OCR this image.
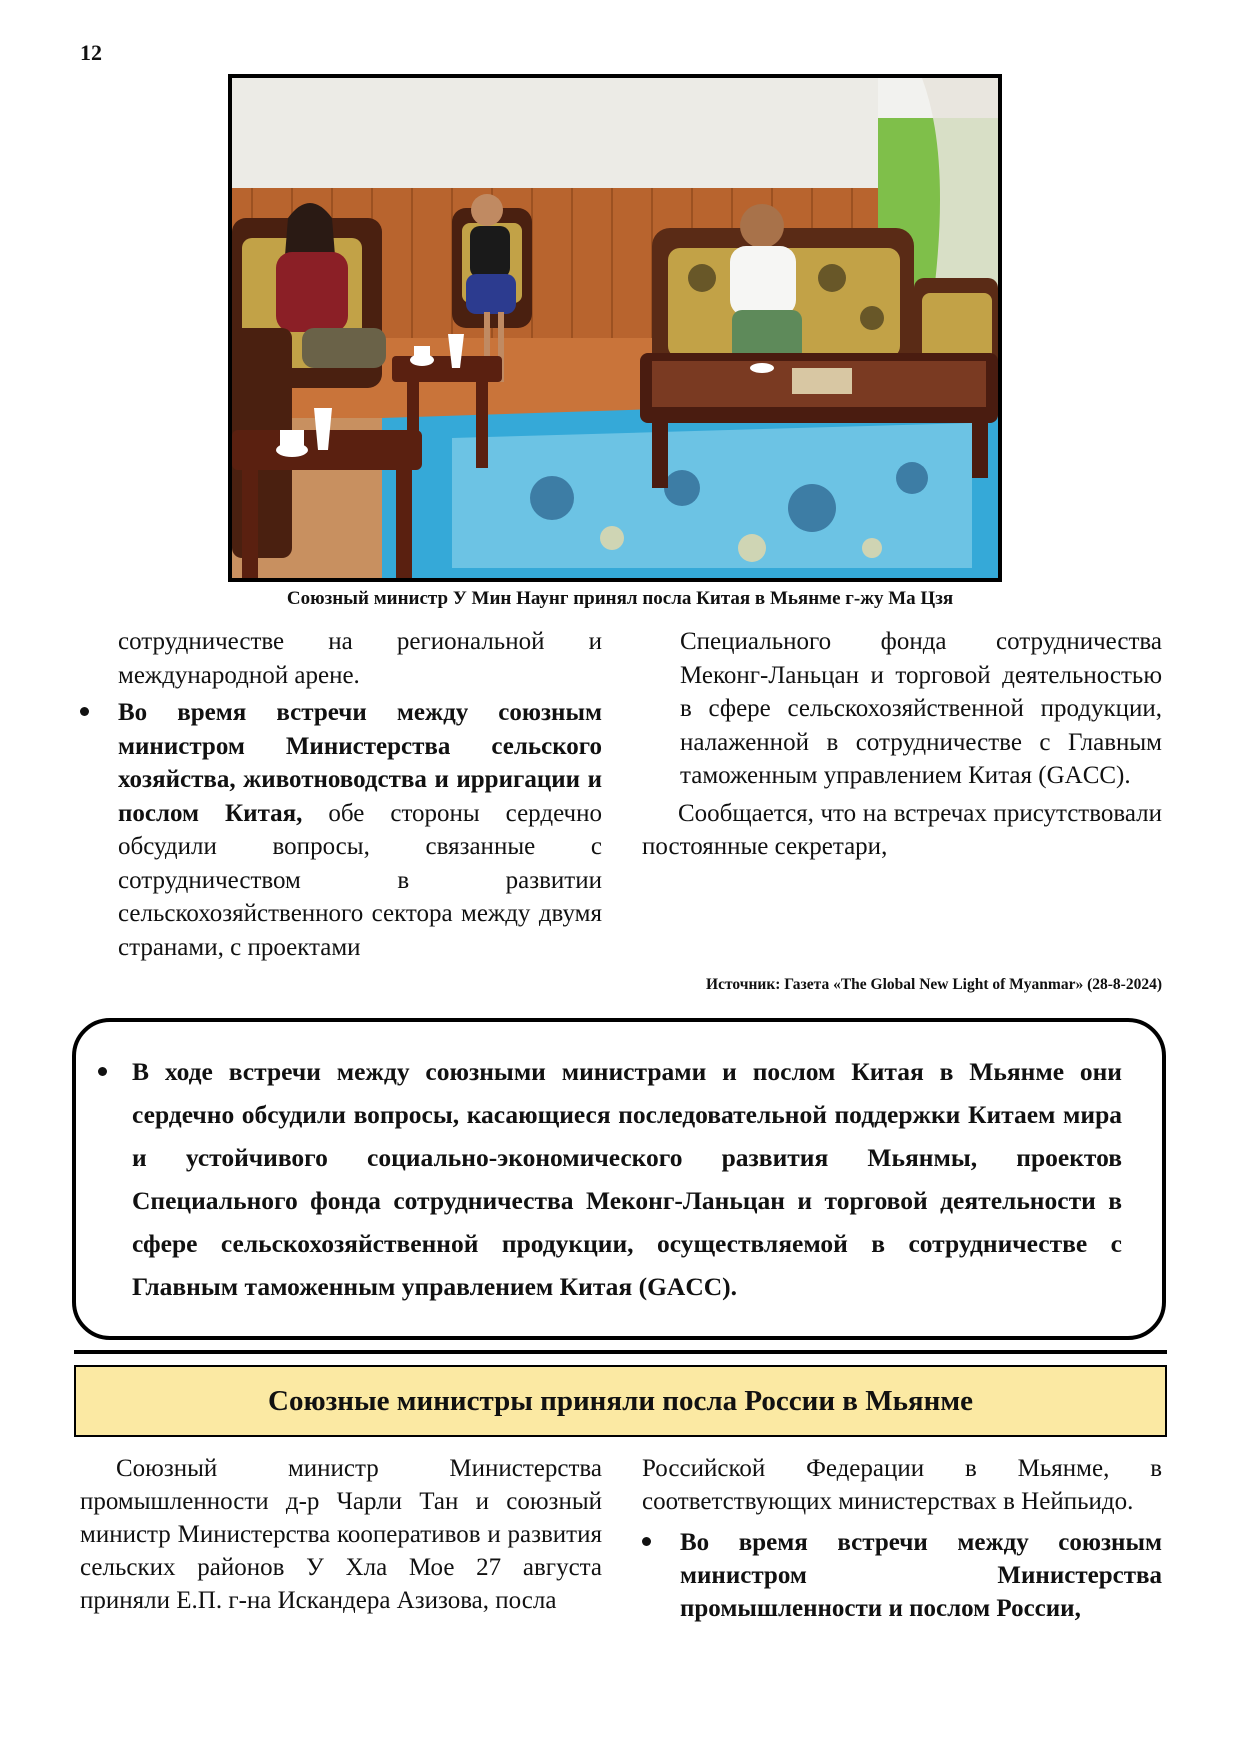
12
Союзный министр У Мин Наунг принял посла Китая в Мьянме г-жу Ма Цзя

сотрудничестве на региональной и

международной арене.

Во время встречи между союзным министром Министерства сельского хозяйства, животноводства и ирригации и послом Китая, обе стороны сердечно обсудили вопросы, связанные с сотрудничеством в развитии сельскохозяйственного сектора между двумя странами, с проектами

Специального фонда сотрудничества Меконг-Ланьцан и торговой деятельностью в сфере сельскохозяйственной продукции, налаженной в сотрудничестве с Главным таможенным управлением Китая (GACC).

Сообщается, что на встречах присутствовали постоянные секретари,

Источник: Газета «The Global New Light of Myanmar» (28-8-2024)
В ходе встречи между союзными министрами и послом Китая в Мьянме они сердечно обсудили вопросы, касающиеся последовательной поддержки Китаем мира и устойчивого социально-экономического развития Мьянмы, проектов Специального фонда сотрудничества Меконг-Ланьцан и торговой деятельности в сфере сельскохозяйственной продукции, осуществляемой в сотрудничестве с Главным таможенным управлением Китая (GACC).
Союзные министры приняли посла России в Мьянме

Союзный министр Министерства промышленности д-р Чарли Тан и союзный министр Министерства кооперативов и развития сельских районов У Хла Мое 27 августа приняли Е.П. г-на Искандера Азизова, посла

Российской Федерации в Мьянме, в соответствующих министерствах в Нейпьидо.

Во время встречи между союзным министром Министерства промышленности и послом России,
